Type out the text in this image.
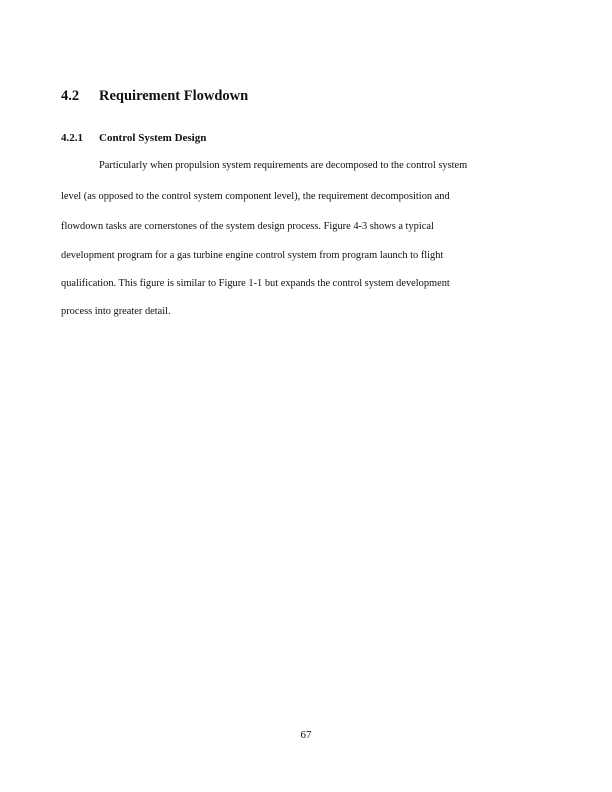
4.2 Requirement Flowdown
4.2.1 Control System Design
Particularly when propulsion system requirements are decomposed to the control system
level (as opposed to the control system component level), the requirement decomposition and
flowdown tasks are cornerstones of the system design process. Figure 4-3 shows a typical
development program for a gas turbine engine control system from program launch to flight
qualification. This figure is similar to Figure 1-1 but expands the control system development
process into greater detail.
67
